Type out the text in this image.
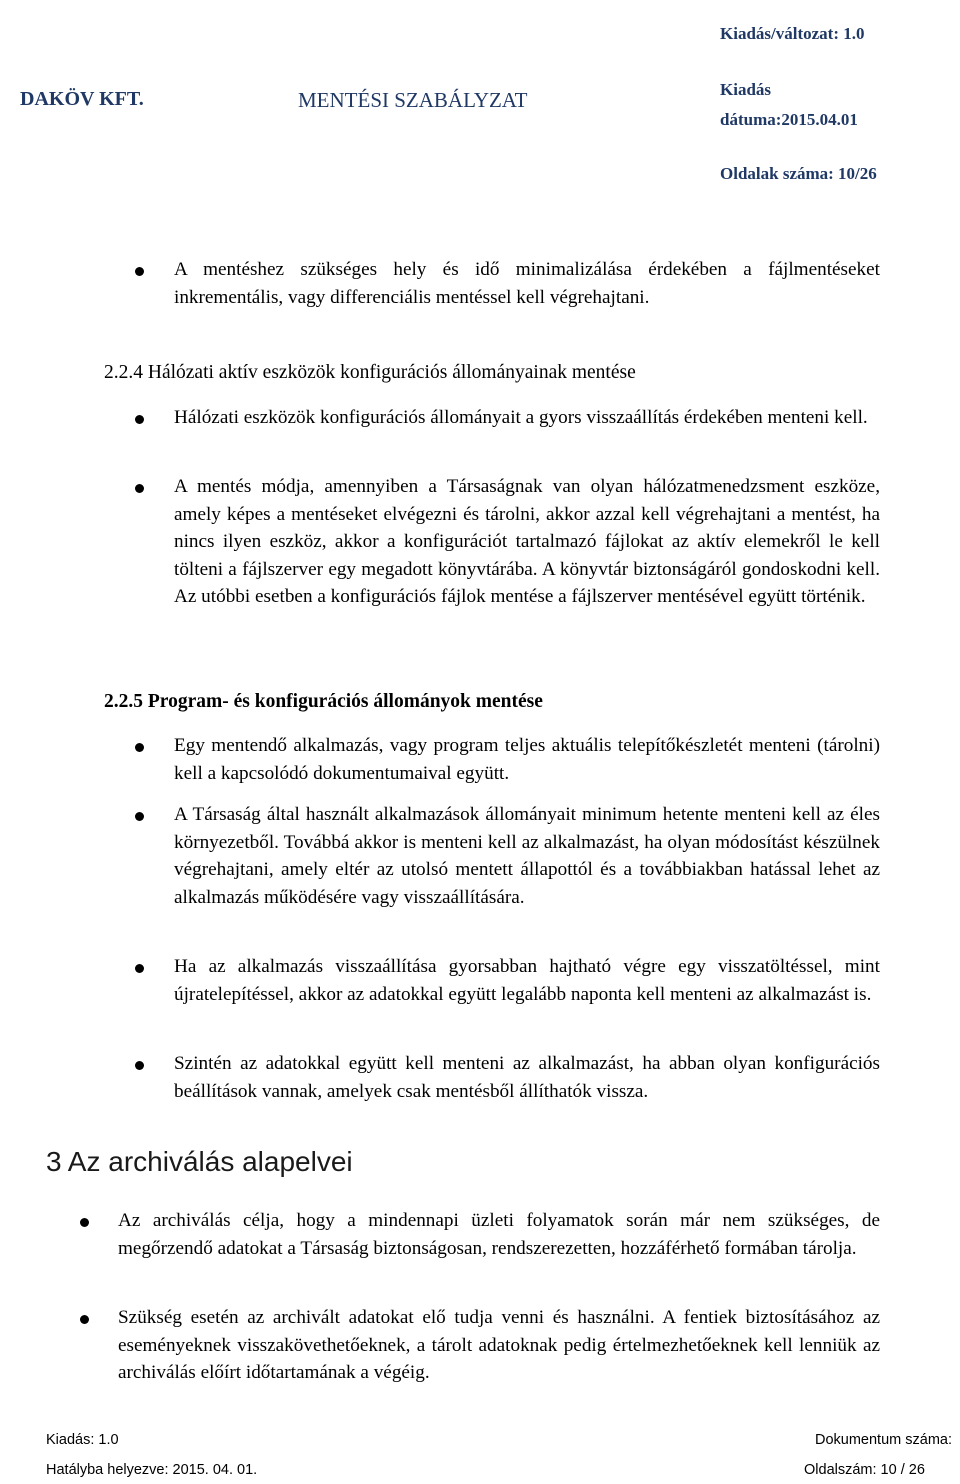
DAKÖV KFT.	MENTÉSI SZABÁLYZAT
Kiadás/változat: 1.0
Kiadás
dátuma:2015.04.01
Oldalak száma: 10/26
A mentéshez szükséges hely és idő minimalizálása érdekében a fájlmentéseket inkrementális, vagy differenciális mentéssel kell végrehajtani.
2.2.4 Hálózati aktív eszközök konfigurációs állományainak mentése
Hálózati eszközök konfigurációs állományait a gyors visszaállítás érdekében menteni kell.
A mentés módja, amennyiben a Társaságnak van olyan hálózatmenedzsment eszköze, amely képes a mentéseket elvégezni és tárolni, akkor azzal kell végrehajtani a mentést, ha nincs ilyen eszköz, akkor a konfigurációt tartalmazó fájlokat az aktív elemekről le kell tölteni a fájlszerver egy megadott könyvtárába. A könyvtár biztonságáról gondoskodni kell. Az utóbbi esetben a konfigurációs fájlok mentése a fájlszerver mentésével együtt történik.
2.2.5 Program- és konfigurációs állományok mentése
Egy mentendő alkalmazás, vagy program teljes aktuális telepítőkészletét menteni (tárolni) kell a kapcsolódó dokumentumaival együtt.
A Társaság által használt alkalmazások állományait minimum hetente menteni kell az éles környezetből. Továbbá akkor is menteni kell az alkalmazást, ha olyan módosítást készülnek végrehajtani, amely eltér az utolsó mentett állapottól és a továbbiakban hatással lehet az alkalmazás működésére vagy visszaállítására.
Ha az alkalmazás visszaállítása gyorsabban hajtható végre egy visszatöltéssel, mint újratelepítéssel, akkor az adatokkal együtt legalább naponta kell menteni az alkalmazást is.
Szintén az adatokkal együtt kell menteni az alkalmazást, ha abban olyan konfigurációs beállítások vannak, amelyek csak mentésből állíthatók vissza.
3 Az archiválás alapelvei
Az archiválás célja, hogy a mindennapi üzleti folyamatok során már nem szükséges, de megőrzendő adatokat a Társaság biztonságosan, rendszerezetten, hozzáférhető formában tárolja.
Szükség esetén az archivált adatokat elő tudja venni és használni. A fentiek biztosításához az eseményeknek visszakövethetőeknek, a tárolt adatoknak pedig értelmezhetőeknek kell lenniük az archiválás előírt időtartamának a végéig.
Kiadás: 1.0	Dokumentum száma:
Hatályba helyezve: 2015. 04. 01.	Oldalszám: 10 / 26
